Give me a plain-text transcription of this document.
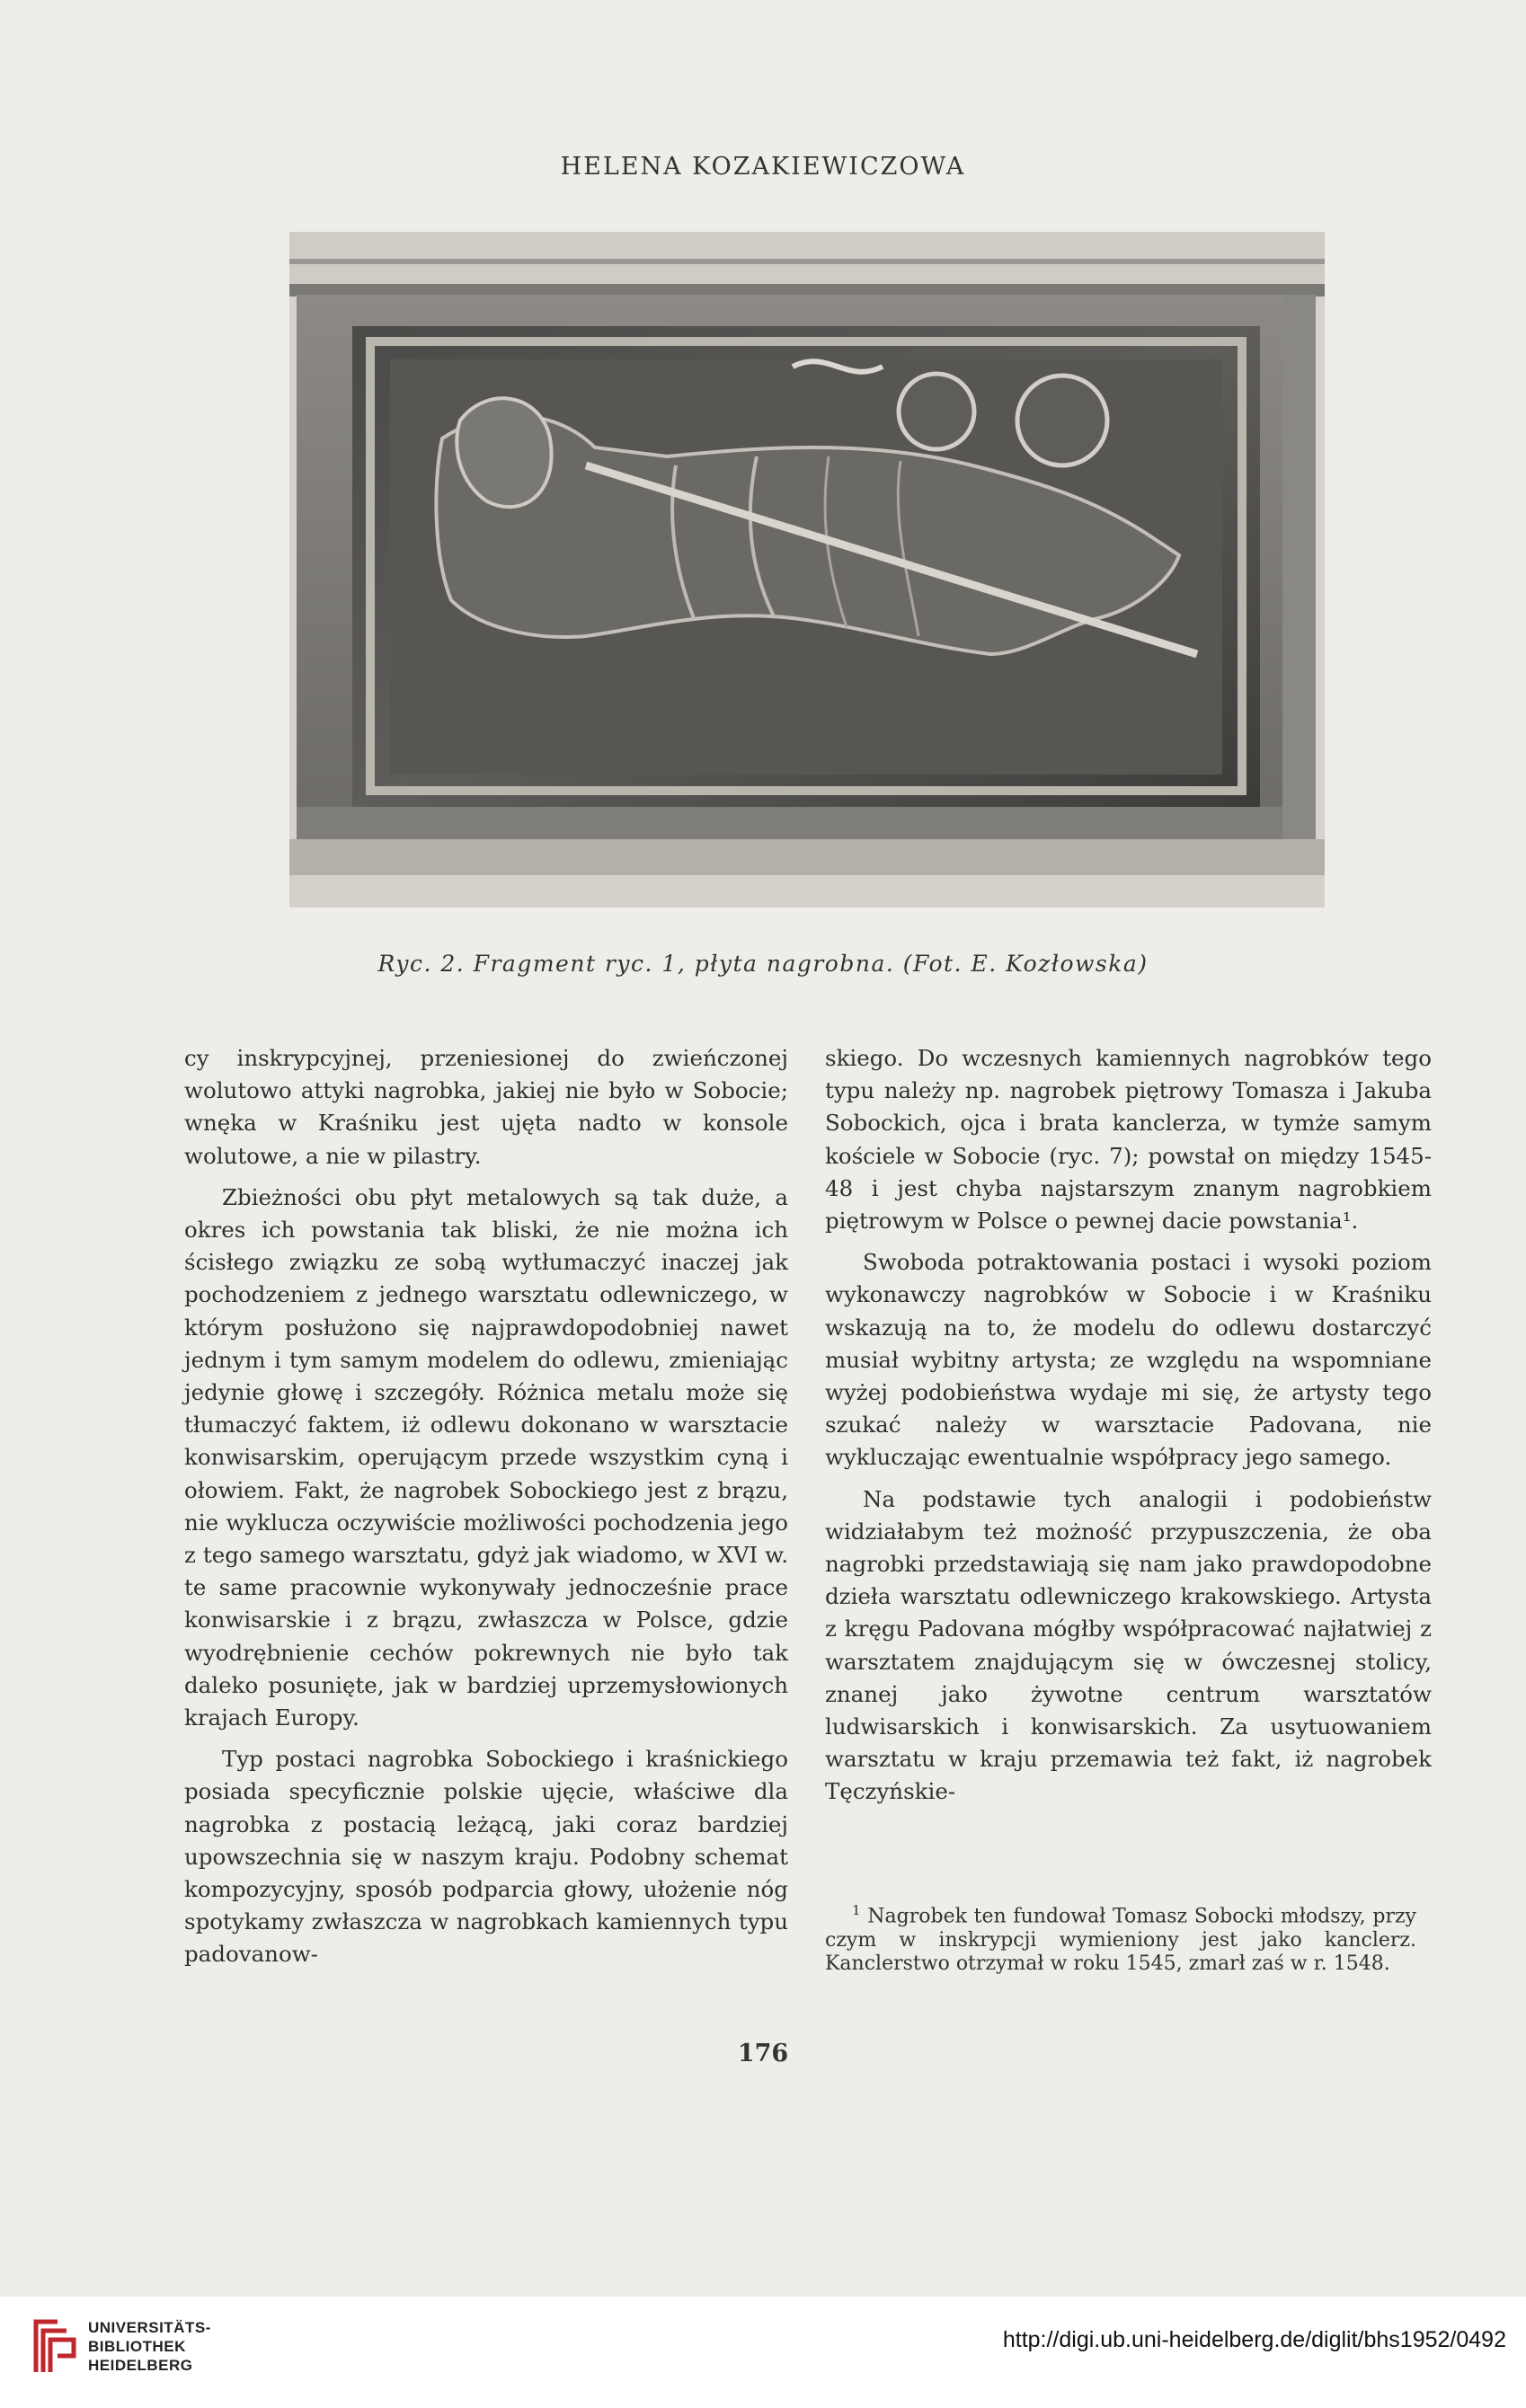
HELENA KOZAKIEWICZOWA
Ryc. 2. Fragment ryc. 1, płyta nagrobna. (Fot. E. Kozłowska)

cy inskrypcyjnej, przeniesionej do zwieńczonej wolutowo attyki nagrobka, jakiej nie było w Sobocie; wnęka w Kraśniku jest ujęta nadto w konsole wolutowe, a nie w pilastry.

Zbieżności obu płyt metalowych są tak duże, a okres ich powstania tak bliski, że nie można ich ścisłego związku ze sobą wytłumaczyć inaczej jak pochodzeniem z jednego warsztatu odlewniczego, w którym posłużono się najprawdopodobniej nawet jednym i tym samym modelem do odlewu, zmieniając jedynie głowę i szczegóły. Różnica metalu może się tłumaczyć faktem, iż odlewu dokonano w warsztacie konwisarskim, operującym przede wszystkim cyną i ołowiem. Fakt, że nagrobek Sobockiego jest z brązu, nie wyklucza oczywiście możliwości pochodzenia jego z tego samego warsztatu, gdyż jak wiadomo, w XVI w. te same pracownie wykonywały jednocześnie prace konwisarskie i z brązu, zwłaszcza w Polsce, gdzie wyodrębnienie cechów pokrewnych nie było tak daleko posunięte, jak w bardziej uprzemysłowionych krajach Europy.

Typ postaci nagrobka Sobockiego i kraśnickiego posiada specyficznie polskie ujęcie, właściwe dla nagrobka z postacią leżącą, jaki coraz bardziej upowszechnia się w naszym kraju. Podobny schemat kompozycyjny, sposób podparcia głowy, ułożenie nóg spotykamy zwłaszcza w nagrobkach kamiennych typu padovanow-

skiego. Do wczesnych kamiennych nagrobków tego typu należy np. nagrobek piętrowy Tomasza i Jakuba Sobockich, ojca i brata kanclerza, w tymże samym kościele w Sobocie (ryc. 7); powstał on między 1545-48 i jest chyba najstarszym znanym nagrobkiem piętrowym w Polsce o pewnej dacie powstania¹.

Swoboda potraktowania postaci i wysoki poziom wykonawczy nagrobków w Sobocie i w Kraśniku wskazują na to, że modelu do odlewu dostarczyć musiał wybitny artysta; ze względu na wspomniane wyżej podobieństwa wydaje mi się, że artysty tego szukać należy w warsztacie Padovana, nie wykluczając ewentualnie współpracy jego samego.

Na podstawie tych analogii i podobieństw widziałabym też możność przypuszczenia, że oba nagrobki przedstawiają się nam jako prawdopodobne dzieła warsztatu odlewniczego krakowskiego. Artysta z kręgu Padovana mógłby współpracować najłatwiej z warsztatem znajdującym się w ówczesnej stolicy, znanej jako żywotne centrum warsztatów ludwisarskich i konwisarskich. Za usytuowaniem warsztatu w kraju przemawia też fakt, iż nagrobek Tęczyńskie-

$^1$ Nagrobek ten fundował Tomasz Sobocki młodszy, przy czym w inskrypcji wymieniony jest jako kanclerz. Kanclerstwo otrzymał w roku 1545, zmarł zaś w r. 1548.
176
UNIVERSITÄTS-
BIBLIOTHEK
HEIDELBERG
http://digi.ub.uni-heidelberg.de/diglit/bhs1952/0492
